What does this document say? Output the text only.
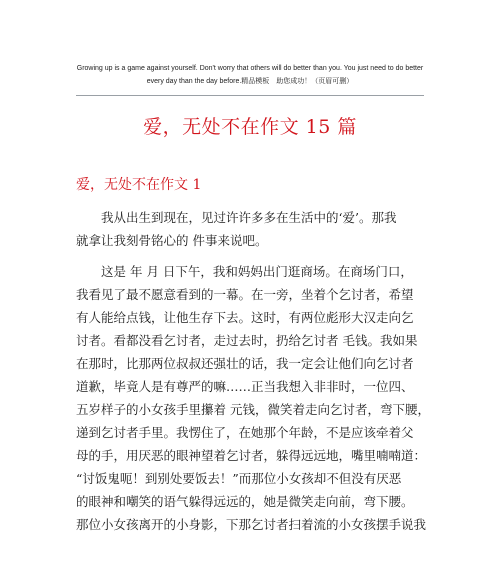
Growing up is a game against yourself. Don't worry that others will do better than you. You just need to do better
every day than the day before.精品模板　助您成功！（页眉可删）
爱，无处不在作文 15 篇
爱，无处不在作文 1
　　我从出生到现在，见过许许多多在生活中的‘爱’。那我
就拿让我刻骨铭心的 件事来说吧。
　　这是 年 月 日下午，我和妈妈出门逛商场。在商场门口，
我看见了最不愿意看到的一幕。在一旁，坐着个乞讨者，希望
有人能给点钱，让他生存下去。这时，有两位彪形大汉走向乞
讨者。看都没看乞讨者，走过去时，扔给乞讨者 毛钱。我如果
在那时，比那两位叔叔还强壮的话，我一定会让他们向乞讨者
道歉，毕竟人是有尊严的嘛……正当我想入非非时，一位四、
五岁样子的小女孩手里攥着 元钱，微笑着走向乞讨者，弯下腰，
递到乞讨者手里。我愣住了，在她那个年龄，不是应该牵着父
母的手，用厌恶的眼神望着乞讨者，躲得远远地，嘴里喃喃道：
“讨饭鬼呃！到别处要饭去！”而那位小女孩却不但没有厌恶
的眼神和嘲笑的语气躲得远远的，她是微笑走向前，弯下腰。
那位小女孩离开的小身影，下那乞讨者扫着流的小女孩摆手说我
